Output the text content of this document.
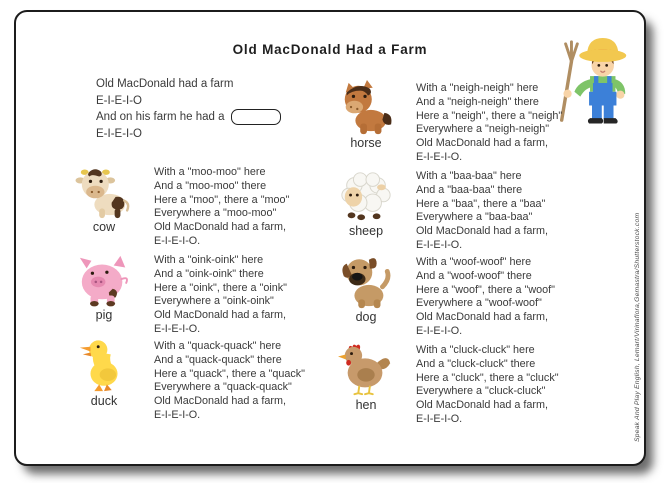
Old MacDonald Had a Farm
Old MacDonald had a farm
E-I-E-I-O
And on his farm he had a
E-I-E-I-O
horse
With a "neigh-neigh" here
And a "neigh-neigh" there
Here a "neigh", there a "neigh"
Everywhere a "neigh-neigh"
Old MacDonald had a farm,
E-I-E-I-O.
cow
With a "moo-moo" here
And a "moo-moo" there
Here a "moo", there a "moo"
Everywhere a "moo-moo"
Old MacDonald had a farm,
E-I-E-I-O.
sheep
With a "baa-baa" here
And a "baa-baa" there
Here a "baa", there a "baa"
Everywhere a "baa-baa"
Old MacDonald had a farm,
E-I-E-I-O.
pig
With a "oink-oink" here
And a "oink-oink" there
Here a "oink", there a "oink"
Everywhere a "oink-oink"
Old MacDonald had a farm,
E-I-E-I-O.
dog
With a "woof-woof" here
And a "woof-woof" there
Here a "woof", there a "woof"
Everywhere a "woof-woof"
Old MacDonald had a farm,
E-I-E-I-O.
duck
With a "quack-quack" here
And a "quack-quack" there
Here a "quack", there a "quack"
Everywhere a "quack-quack"
Old MacDonald had a farm,
E-I-E-I-O.
hen
With a "cluck-cluck" here
And a "cluck-cluck" there
Here a "cluck", there a "cluck"
Everywhere a "cluck-cluck"
Old MacDonald had a farm,
E-I-E-I-O.	Speak And Play English, Lemart/Virinaflora,Gemastra/Shutterstock.com
